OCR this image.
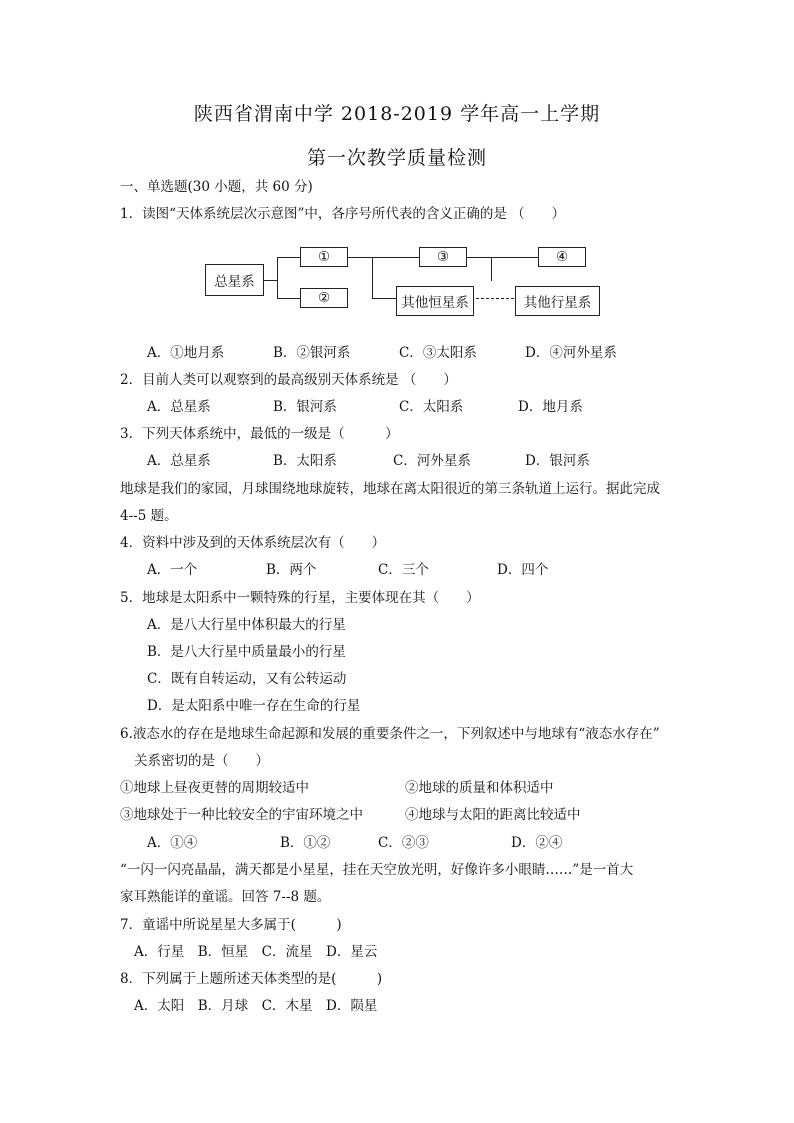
陕西省渭南中学 2018-2019 学年高一上学期
第一次教学质量检测
一、单选题(30 小题，共 60 分)
1．读图“天体系统层次示意图”中，各序号所代表的含义正确的是 （　　）
总星系
①
②
③
其他恒星系
④
其他行星系
A．①地月系	B．②银河系	C．③太阳系	D．④河外星系
2．目前人类可以观察到的最高级别天体系统是 （　　）
A．总星系	B．银河系	C．太阳系	D．地月系
3．下列天体系统中，最低的一级是（　　　）
A．总星系	B．太阳系	C．河外星系	D．银河系
地球是我们的家园，月球围绕地球旋转，地球在离太阳很近的第三条轨道上运行。据此完成
4--5 题。
4．资料中涉及到的天体系统层次有（　　）
A．一个	B．两个	C．三个	D．四个
5．地球是太阳系中一颗特殊的行星，主要体现在其（　　）
A．是八大行星中体积最大的行星
B．是八大行星中质量最小的行星
C．既有自转运动，又有公转运动
D．是太阳系中唯一存在生命的行星
6.液态水的存在是地球生命起源和发展的重要条件之一，下列叙述中与地球有“液态水存在”
关系密切的是（　　）
①地球上昼夜更替的周期较适中	②地球的质量和体积适中
③地球处于一种比较安全的宇宙环境之中	④地球与太阳的距离比较适中
A．①④	B．①②	C．②③	D．②④
“一闪一闪亮晶晶，满天都是小星星，挂在天空放光明，好像许多小眼睛……”是一首大
家耳熟能详的童谣。回答 7--8 题。
7．童谣中所说星星大多属于(　　　)
A．行星　B．恒星　C．流星　D．星云
8．下列属于上题所述天体类型的是(　　　)
A．太阳　B．月球　C．木星　D．陨星
